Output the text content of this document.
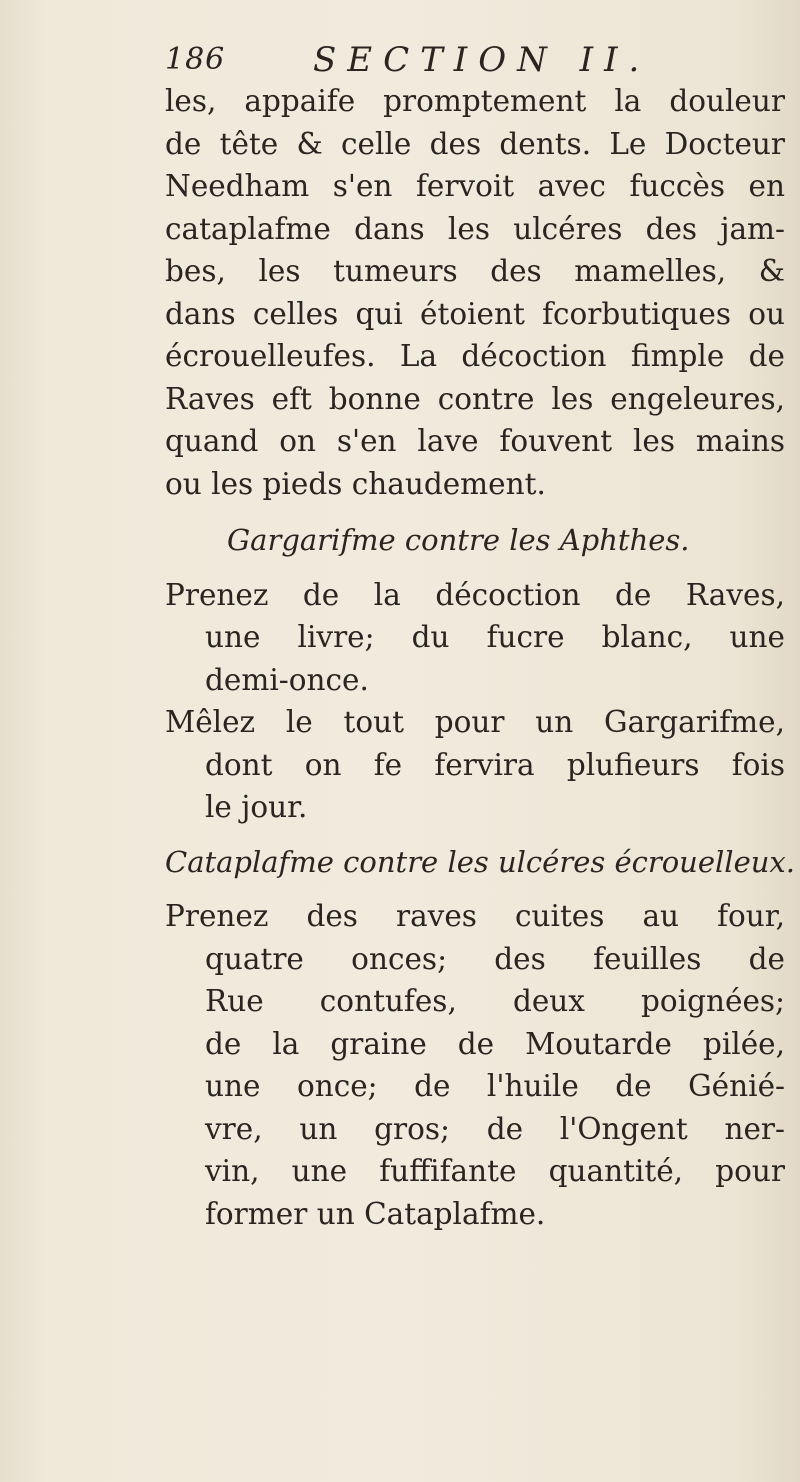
186	SECTION II.
les, appaife promptement la douleur
de tête & celle des dents. Le Docteur
Needham s'en fervoit avec fuccès en
cataplafme dans les ulcéres des jam-
bes, les tumeurs des mamelles, &
dans celles qui étoient fcorbutiques ou
écrouelleufes. La décoction fimple de
Raves eft bonne contre les engeleures,
quand on s'en lave fouvent les mains
ou les pieds chaudement.
Gargarifme contre les Aphthes.
Prenez de la décoction de Raves,
une livre; du fucre blanc, une
demi-once.
Mêlez le tout pour un Gargarifme,
dont on fe fervira plufieurs fois
le jour.
Cataplafme contre les ulcéres écrouelleux.
Prenez des raves cuites au four,
quatre onces; des feuilles de
Rue contufes, deux poignées;
de la graine de Moutarde pilée,
une once; de l'huile de Génié-
vre, un gros; de l'Ongent ner-
vin, une fuffifante quantité, pour
former un Cataplafme.
